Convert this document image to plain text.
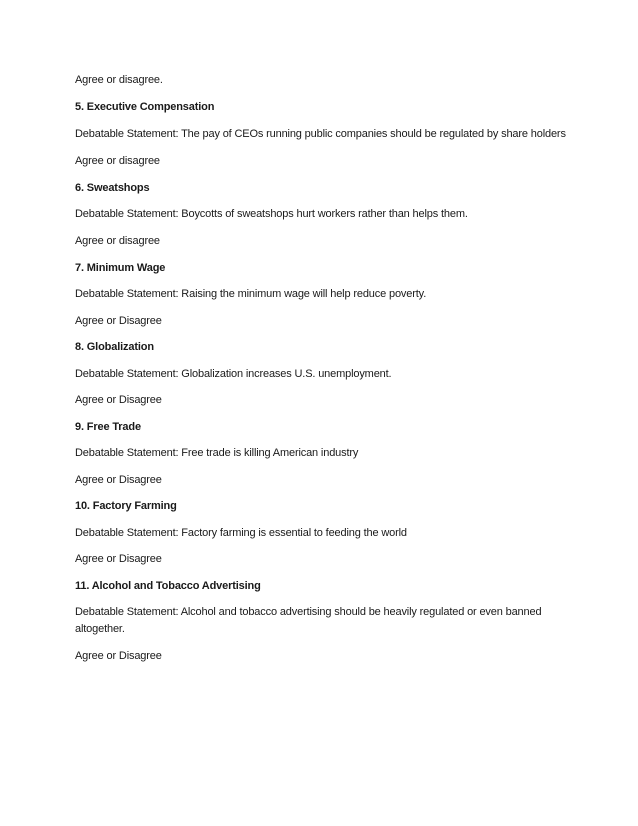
Agree or disagree.
5. Executive Compensation
Debatable Statement: The pay of CEOs running public companies should be regulated by share holders
Agree or disagree
6. Sweatshops
Debatable Statement: Boycotts of sweatshops hurt workers rather than helps them.
Agree or disagree
7. Minimum Wage
Debatable Statement: Raising the minimum wage will help reduce poverty.
Agree or Disagree
8. Globalization
Debatable Statement: Globalization increases U.S. unemployment.
Agree or Disagree
9. Free Trade
Debatable Statement: Free trade is killing American industry
Agree or Disagree
10. Factory Farming
Debatable Statement: Factory farming is essential to feeding the world
Agree or Disagree
11. Alcohol and Tobacco Advertising
Debatable Statement: Alcohol and tobacco advertising should be heavily regulated or even banned
altogether.
Agree or Disagree
